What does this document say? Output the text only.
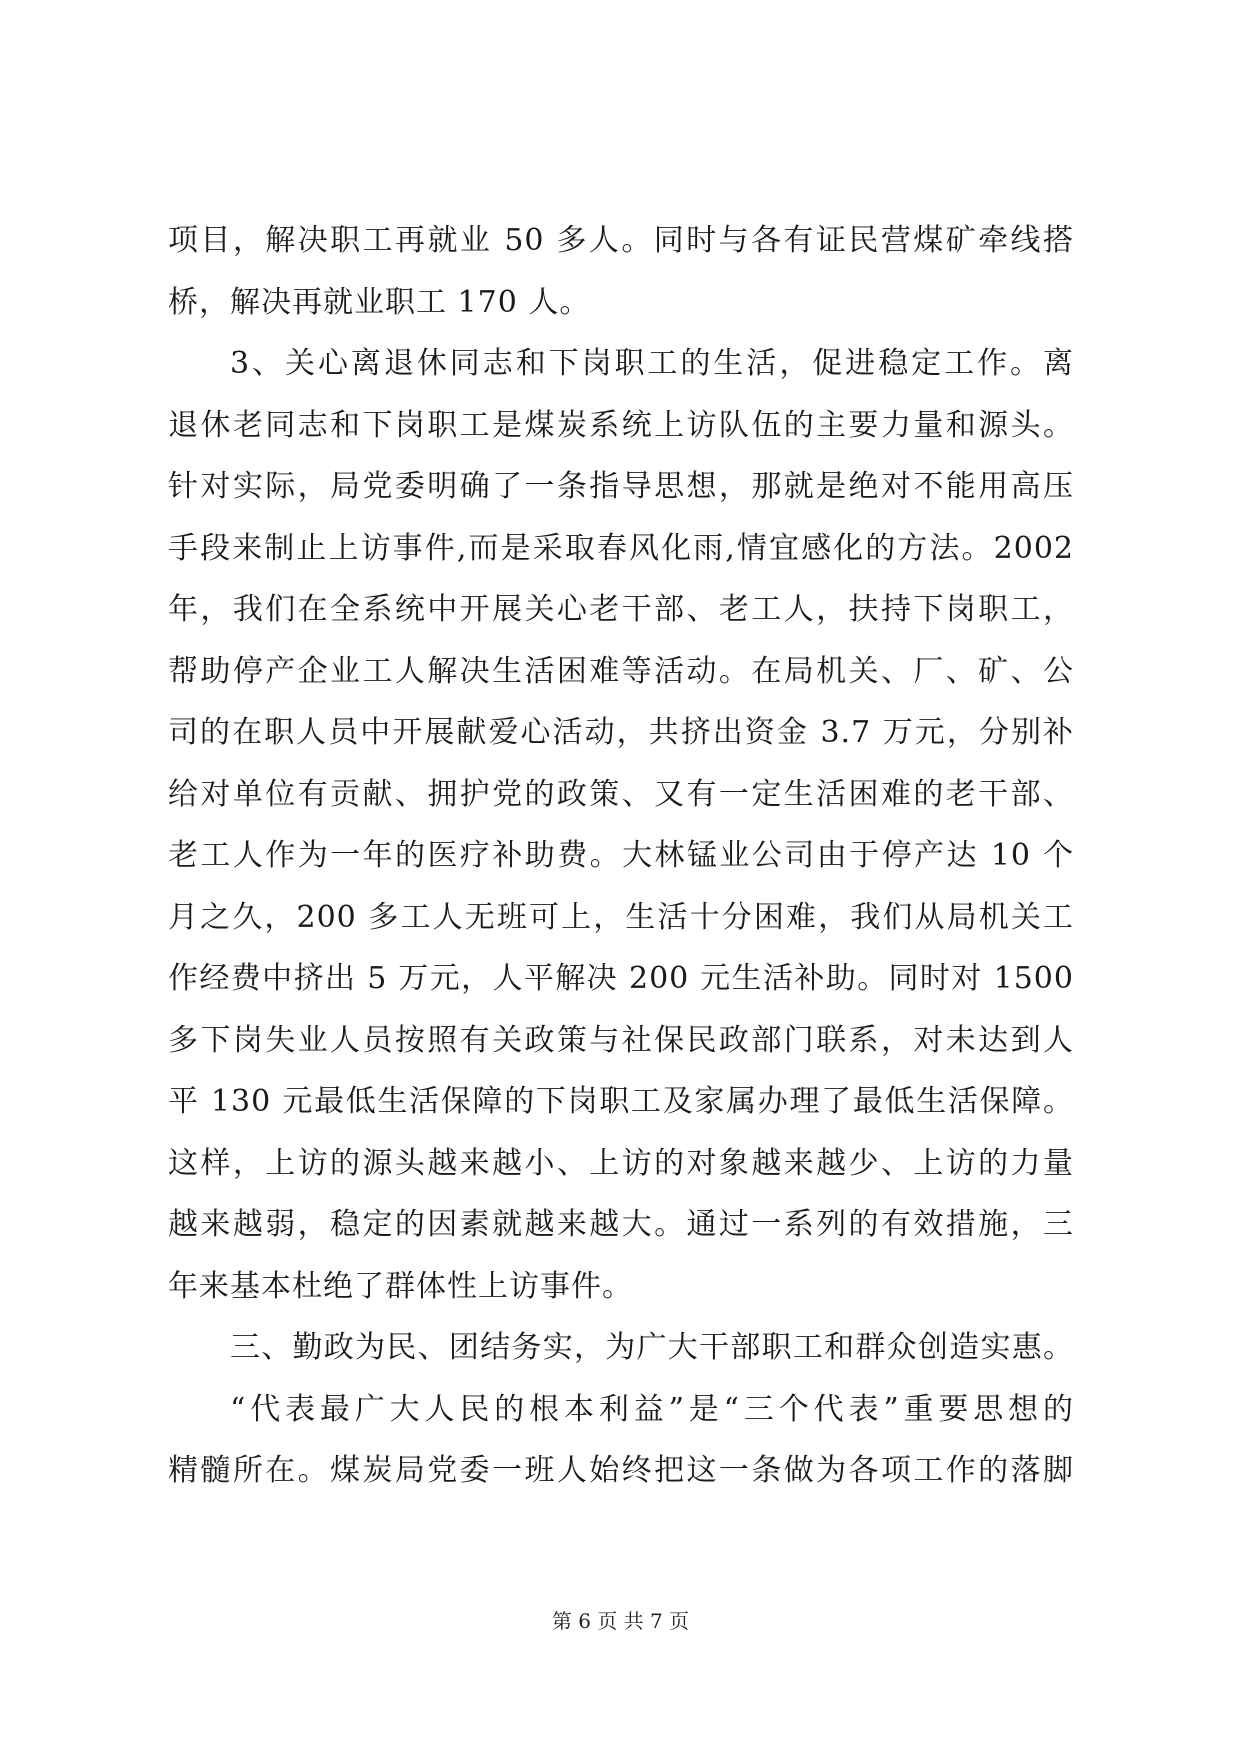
项目，解决职工再就业 50 多人。同时与各有证民营煤矿牵线搭
桥，解决再就业职工 170 人。
3、关心离退休同志和下岗职工的生活，促进稳定工作。离
退休老同志和下岗职工是煤炭系统上访队伍的主要力量和源头。
针对实际，局党委明确了一条指导思想，那就是绝对不能用高压
手段来制止上访事件,而是采取春风化雨,情宜感化的方法。2002
年，我们在全系统中开展关心老干部、老工人，扶持下岗职工，
帮助停产企业工人解决生活困难等活动。在局机关、厂、矿、公
司的在职人员中开展献爱心活动，共挤出资金 3.7 万元，分别补
给对单位有贡献、拥护党的政策、又有一定生活困难的老干部、
老工人作为一年的医疗补助费。大林锰业公司由于停产达 10 个
月之久，200 多工人无班可上，生活十分困难，我们从局机关工
作经费中挤出 5 万元，人平解决 200 元生活补助。同时对 1500
多下岗失业人员按照有关政策与社保民政部门联系，对未达到人
平 130 元最低生活保障的下岗职工及家属办理了最低生活保障。
这样，上访的源头越来越小、上访的对象越来越少、上访的力量
越来越弱，稳定的因素就越来越大。通过一系列的有效措施，三
年来基本杜绝了群体性上访事件。
三、勤政为民、团结务实，为广大干部职工和群众创造实惠。
“代表最广大人民的根本利益”是“三个代表”重要思想的
精髓所在。煤炭局党委一班人始终把这一条做为各项工作的落脚
第 6 页 共 7 页
